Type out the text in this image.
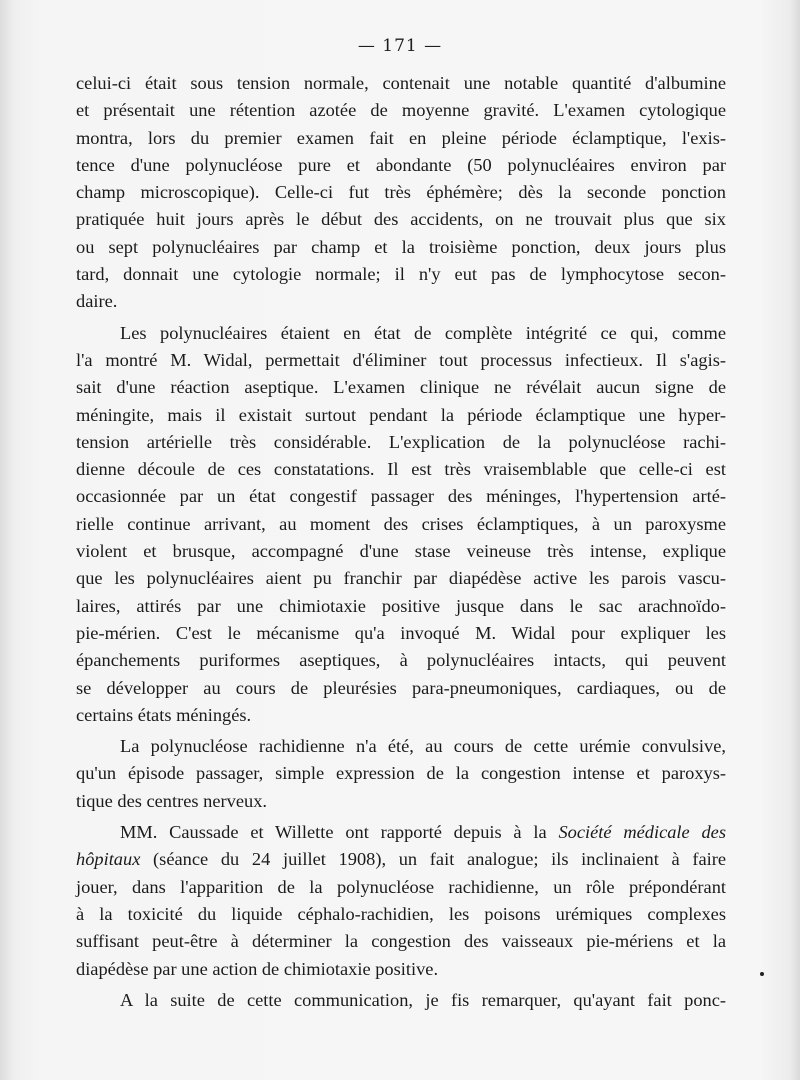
— 171 —
celui-ci était sous tension normale, contenait une notable quantité d'albumine
et présentait une rétention azotée de moyenne gravité. L'examen cytologique
montra, lors du premier examen fait en pleine période éclamptique, l'exis-
tence d'une polynucléose pure et abondante (50 polynucléaires environ par
champ microscopique). Celle-ci fut très éphémère; dès la seconde ponction
pratiquée huit jours après le début des accidents, on ne trouvait plus que six
ou sept polynucléaires par champ et la troisième ponction, deux jours plus
tard, donnait une cytologie normale; il n'y eut pas de lymphocytose secon-
daire.
Les polynucléaires étaient en état de complète intégrité ce qui, comme
l'a montré M. Widal, permettait d'éliminer tout processus infectieux. Il s'agis-
sait d'une réaction aseptique. L'examen clinique ne révélait aucun signe de
méningite, mais il existait surtout pendant la période éclamptique une hyper-
tension artérielle très considérable. L'explication de la polynucléose rachi-
dienne découle de ces constatations. Il est très vraisemblable que celle-ci est
occasionnée par un état congestif passager des méninges, l'hypertension arté-
rielle continue arrivant, au moment des crises éclamptiques, à un paroxysme
violent et brusque, accompagné d'une stase veineuse très intense, explique
que les polynucléaires aient pu franchir par diapédèse active les parois vascu-
laires, attirés par une chimiotaxie positive jusque dans le sac arachnoïdo-
pie-mérien. C'est le mécanisme qu'a invoqué M. Widal pour expliquer les
épanchements puriformes aseptiques, à polynucléaires intacts, qui peuvent
se développer au cours de pleurésies para-pneumoniques, cardiaques, ou de
certains états méningés.
La polynucléose rachidienne n'a été, au cours de cette urémie convulsive,
qu'un épisode passager, simple expression de la congestion intense et paroxys-
tique des centres nerveux.
MM. Caussade et Willette ont rapporté depuis à la Société médicale des
hôpitaux (séance du 24 juillet 1908), un fait analogue; ils inclinaient à faire
jouer, dans l'apparition de la polynucléose rachidienne, un rôle prépondérant
à la toxicité du liquide céphalo-rachidien, les poisons urémiques complexes
suffisant peut-être à déterminer la congestion des vaisseaux pie-mériens et la
diapédèse par une action de chimiotaxie positive.
A la suite de cette communication, je fis remarquer, qu'ayant fait ponc-
